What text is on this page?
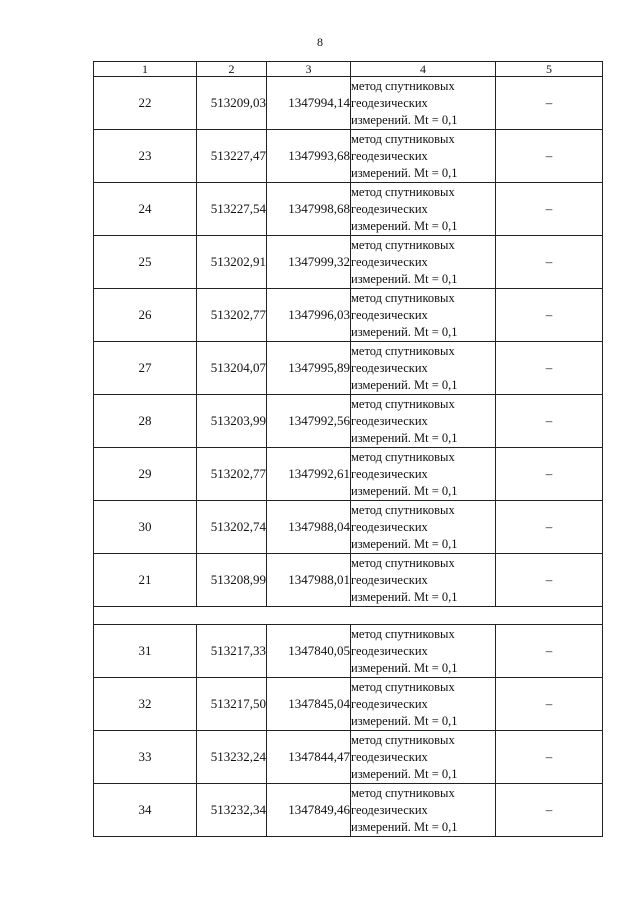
8
1	2	3	4	5
22	513209,03	1347994,14	метод спутниковых
геодезических
измерений. Mt = 0,1	–
23	513227,47	1347993,68	метод спутниковых
геодезических
измерений. Mt = 0,1	–
24	513227,54	1347998,68	метод спутниковых
геодезических
измерений. Mt = 0,1	–
25	513202,91	1347999,32	метод спутниковых
геодезических
измерений. Mt = 0,1	–
26	513202,77	1347996,03	метод спутниковых
геодезических
измерений. Mt = 0,1	–
27	513204,07	1347995,89	метод спутниковых
геодезических
измерений. Mt = 0,1	–
28	513203,99	1347992,56	метод спутниковых
геодезических
измерений. Mt = 0,1	–
29	513202,77	1347992,61	метод спутниковых
геодезических
измерений. Mt = 0,1	–
30	513202,74	1347988,04	метод спутниковых
геодезических
измерений. Mt = 0,1	–
21	513208,99	1347988,01	метод спутниковых
геодезических
измерений. Mt = 0,1	–

31	513217,33	1347840,05	метод спутниковых
геодезических
измерений. Mt = 0,1	–
32	513217,50	1347845,04	метод спутниковых
геодезических
измерений. Mt = 0,1	–
33	513232,24	1347844,47	метод спутниковых
геодезических
измерений. Mt = 0,1	–
34	513232,34	1347849,46	метод спутниковых
геодезических
измерений. Mt = 0,1	–
